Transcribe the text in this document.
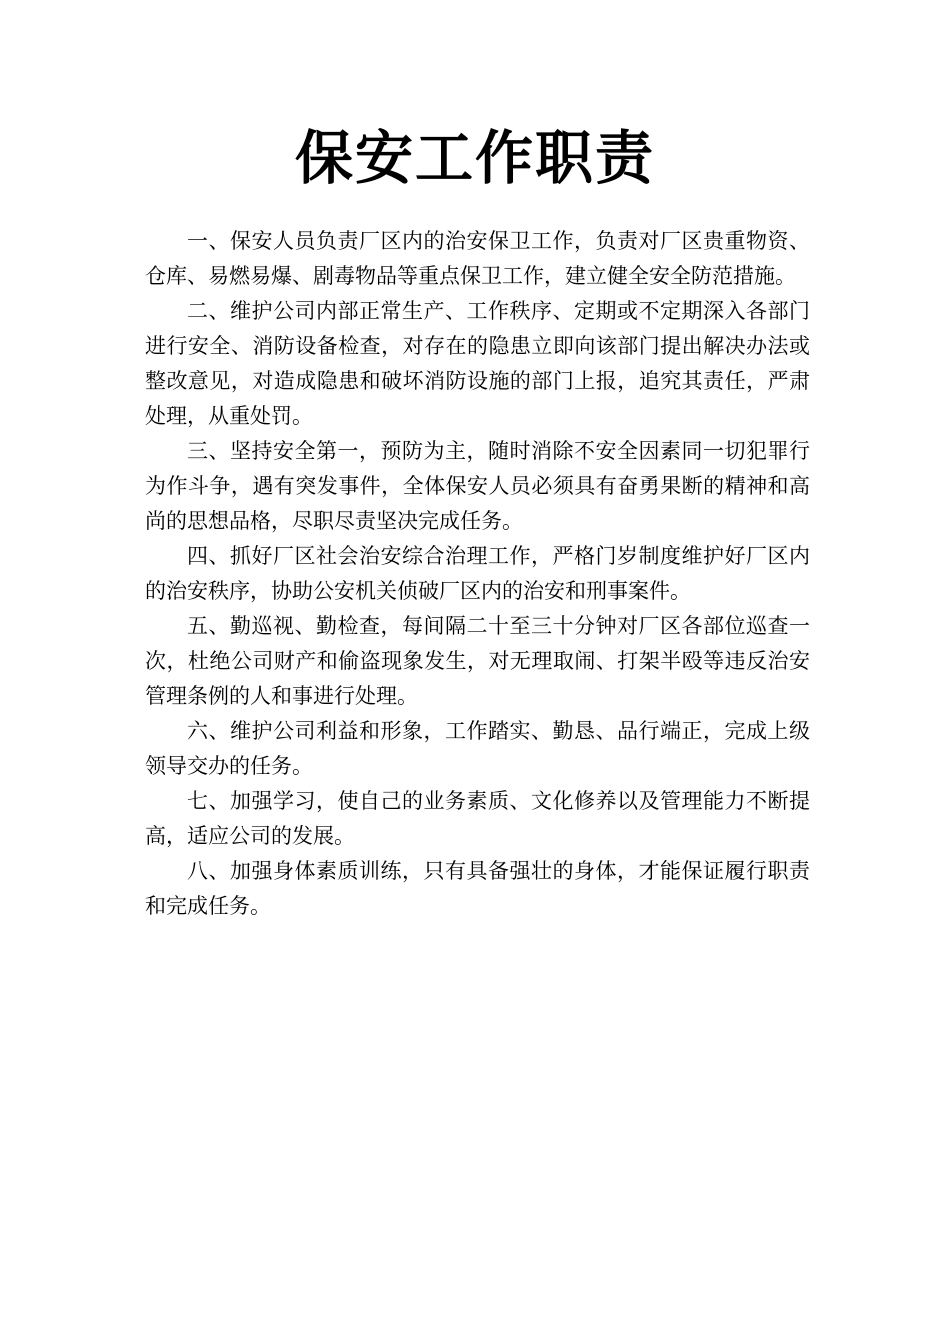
保安工作职责

一、保安人员负责厂区内的治安保卫工作，负责对厂区贵重物资、仓库、易燃易爆、剧毒物品等重点保卫工作，建立健全安全防范措施。

二、维护公司内部正常生产、工作秩序、定期或不定期深入各部门进行安全、消防设备检查，对存在的隐患立即向该部门提出解决办法或整改意见，对造成隐患和破坏消防设施的部门上报，追究其责任，严肃处理，从重处罚。

三、坚持安全第一，预防为主，随时消除不安全因素同一切犯罪行为作斗争，遇有突发事件，全体保安人员必须具有奋勇果断的精神和高尚的思想品格，尽职尽责坚决完成任务。

四、抓好厂区社会治安综合治理工作，严格门岁制度维护好厂区内的治安秩序，协助公安机关侦破厂区内的治安和刑事案件。

五、勤巡视、勤检查，每间隔二十至三十分钟对厂区各部位巡查一次，杜绝公司财产和偷盗现象发生，对无理取闹、打架半殴等违反治安管理条例的人和事进行处理。

六、维护公司利益和形象，工作踏实、勤恳、品行端正，完成上级领导交办的任务。

七、加强学习，使自己的业务素质、文化修养以及管理能力不断提高，适应公司的发展。

八、加强身体素质训练，只有具备强壮的身体，才能保证履行职责和完成任务。
